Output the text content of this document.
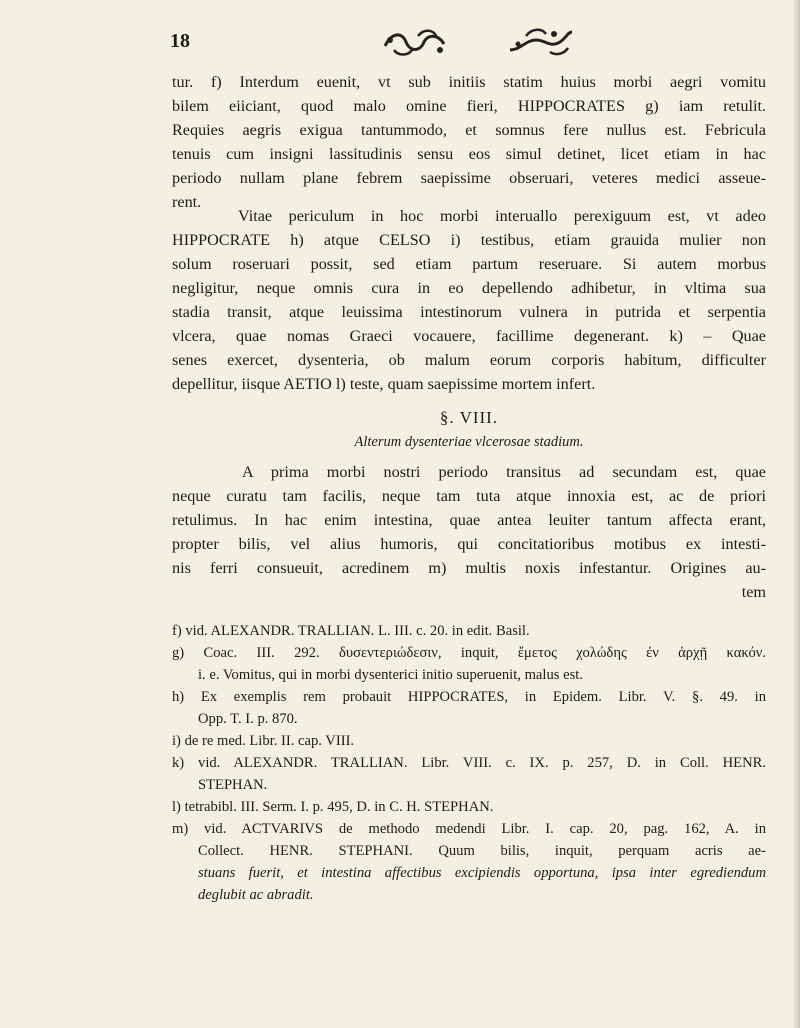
18
tur. f) Interdum euenit, vt sub initiis statim huius morbi aegri vomitu
bilem eiiciant, quod malo omine fieri, HIPPOCRATES g) iam retulit.
Requies aegris exigua tantummodo, et somnus fere nullus est. Febricula
tenuis cum insigni lassitudinis sensu eos simul detinet, licet etiam in hac
periodo nullam plane febrem saepissime obseruari, veteres medici asseue-
rent.
Vitae periculum in hoc morbi interuallo perexiguum est, vt adeo
HIPPOCRATE h) atque CELSO i) testibus, etiam grauida mulier non
solum roseruari possit, sed etiam partum reseruare. Si autem morbus
negligitur, neque omnis cura in eo depellendo adhibetur, in vltima sua
stadia transit, atque leuissima intestinorum vulnera in putrida et serpentia
vlcera, quae nomas Graeci vocauere, facillime degenerant. k) – Quae
senes exercet, dysenteria, ob malum eorum corporis habitum, difficulter
depellitur, iisque AETIO l) teste, quam saepissime mortem infert.
§. VIII.
Alterum dysenteriae vlcerosae stadium.
A prima morbi nostri periodo transitus ad secundam est, quae
neque curatu tam facilis, neque tam tuta atque innoxia est, ac de priori
retulimus. In hac enim intestina, quae antea leuiter tantum affecta erant,
propter bilis, vel alius humoris, qui concitatioribus motibus ex intesti-
nis ferri consueuit, acredinem m) multis noxis infestantur. Origines au-
tem
f) vid. ALEXANDR. TRALLIAN. L. III. c. 20. in edit. Basil.
g) Coac. III. 292. δυσεντεριώδεσιν, inquit, ἔμετος χολώδης ἐν ἀρχῇ κακόν.
i. e. Vomitus, qui in morbi dysenterici initio superuenit, malus est.
h) Ex exemplis rem probauit HIPPOCRATES, in Epidem. Libr. V. §. 49. in
Opp. T. I. p. 870.
i) de re med. Libr. II. cap. VIII.
k) vid. ALEXANDR. TRALLIAN. Libr. VIII. c. IX. p. 257, D. in Coll. HENR.
STEPHAN.
l) tetrabibl. III. Serm. I. p. 495, D. in C. H. STEPHAN.
m) vid. ACTVARIVS de methodo medendi Libr. I. cap. 20, pag. 162, A. in
Collect. HENR. STEPHANI. Quum bilis, inquit, perquam acris ae-
stuans fuerit, et intestina affectibus excipiendis opportuna, ipsa inter egrediendum
deglubit ac abradit.
